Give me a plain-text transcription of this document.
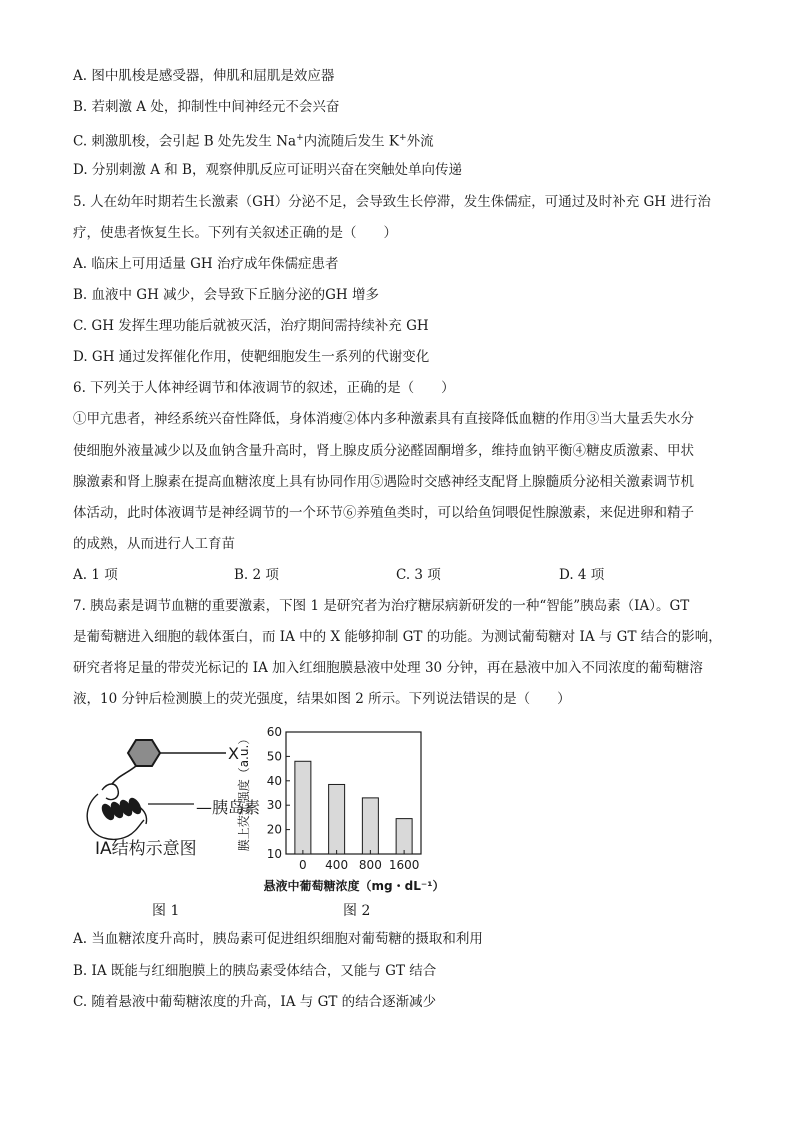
A. 图中肌梭是感受器，伸肌和屈肌是效应器
B. 若刺激 A 处，抑制性中间神经元不会兴奋
C. 刺激肌梭，会引起 B 处先发生 Na+内流随后发生 K+外流
D. 分别刺激 A 和 B，观察伸肌反应可证明兴奋在突触处单向传递
5. 人在幼年时期若生长激素（GH）分泌不足，会导致生长停滞，发生侏儒症，可通过及时补充 GH 进行治
疗，使患者恢复生长。下列有关叙述正确的是（　　）
A. 临床上可用适量 GH 治疗成年侏儒症患者
B. 血液中 GH 减少，会导致下丘脑分泌的GH 增多
C. GH 发挥生理功能后就被灭活，治疗期间需持续补充 GH
D. GH 通过发挥催化作用，使靶细胞发生一系列的代谢变化
6. 下列关于人体神经调节和体液调节的叙述，正确的是（　　）
①甲亢患者，神经系统兴奋性降低，身体消瘦②体内多种激素具有直接降低血糖的作用③当大量丢失水分
使细胞外液量减少以及血钠含量升高时，肾上腺皮质分泌醛固酮增多，维持血钠平衡④糖皮质激素、甲状
腺激素和肾上腺素在提高血糖浓度上具有协同作用⑤遇险时交感神经支配肾上腺髓质分泌相关激素调节机
体活动，此时体液调节是神经调节的一个环节⑥养殖鱼类时，可以给鱼饲喂促性腺激素，来促进卵和精子
的成熟，从而进行人工育苗
A. 1 项	B. 2 项	C. 3 项	D. 4 项
7. 胰岛素是调节血糖的重要激素，下图 1 是研究者为治疗糖尿病新研发的一种“智能”胰岛素（IA）。GT
是葡萄糖进入细胞的载体蛋白，而 IA 中的 X 能够抑制 GT 的功能。为测试葡萄糖对 IA 与 GT 结合的影响，
研究者将足量的带荧光标记的 IA 加入红细胞膜悬液中处理 30 分钟，再在悬液中加入不同浓度的葡萄糖溶
液，10 分钟后检测膜上的荧光强度，结果如图 2 所示。下列说法错误的是（　　）
X
—胰岛素
IA结构示意图	膜上荧光强度（a.u.）
10
20
30
40
50
60
0 400 800 1600
悬液中葡萄糖浓度（mg・dL⁻¹）
图 1	图 2
A. 当血糖浓度升高时，胰岛素可促进组织细胞对葡萄糖的摄取和利用
B. IA 既能与红细胞膜上的胰岛素受体结合，又能与 GT 结合
C. 随着悬液中葡萄糖浓度的升高，IA 与 GT 的结合逐渐减少
